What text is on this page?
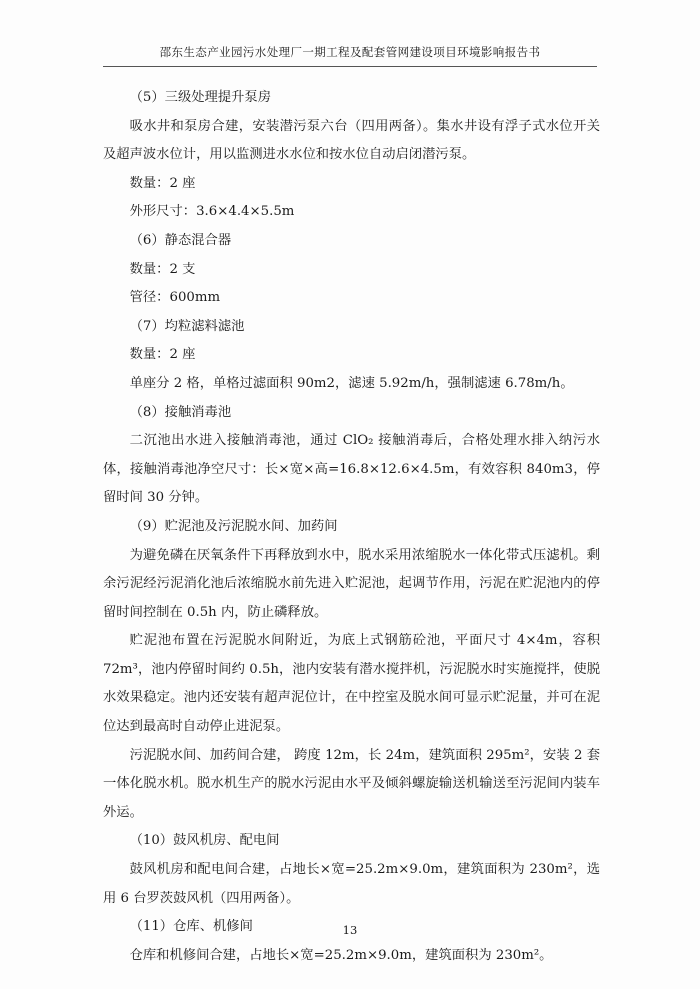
邵东生态产业园污水处理厂一期工程及配套管网建设项目环境影响报告书

（5）三级处理提升泵房

吸水井和泵房合建，安装潜污泵六台（四用两备）。集水井设有浮子式水位开关及超声波水位计，用以监测进水水位和按水位自动启闭潜污泵。

数量：2 座

外形尺寸：3.6×4.4×5.5m

（6）静态混合器

数量：2 支

管径：600mm

（7）均粒滤料滤池

数量：2 座

单座分 2 格，单格过滤面积 90m2，滤速 5.92m/h，强制滤速 6.78m/h。

（8）接触消毒池

二沉池出水进入接触消毒池，通过 ClO₂ 接触消毒后，合格处理水排入纳污水体，接触消毒池净空尺寸：长×宽×高=16.8×12.6×4.5m，有效容积 840m3，停留时间 30 分钟。

（9）贮泥池及污泥脱水间、加药间

为避免磷在厌氧条件下再释放到水中，脱水采用浓缩脱水一体化带式压滤机。剩余污泥经污泥消化池后浓缩脱水前先进入贮泥池，起调节作用，污泥在贮泥池内的停留时间控制在 0.5h 内，防止磷释放。

贮泥池布置在污泥脱水间附近，为底上式钢筋砼池，平面尺寸 4×4m，容积 72m³，池内停留时间约 0.5h，池内安装有潜水搅拌机，污泥脱水时实施搅拌，使脱水效果稳定。池内还安装有超声泥位计，在中控室及脱水间可显示贮泥量，并可在泥位达到最高时自动停止进泥泵。

污泥脱水间、加药间合建， 跨度 12m，长 24m，建筑面积 295m²，安装 2 套一体化脱水机。脱水机生产的脱水污泥由水平及倾斜螺旋输送机输送至污泥间内装车外运。

（10）鼓风机房、配电间

鼓风机房和配电间合建，占地长×宽=25.2m×9.0m，建筑面积为 230m²，选用 6 台罗茨鼓风机（四用两备）。

（11）仓库、机修间

仓库和机修间合建，占地长×宽=25.2m×9.0m，建筑面积为 230m²。

13
